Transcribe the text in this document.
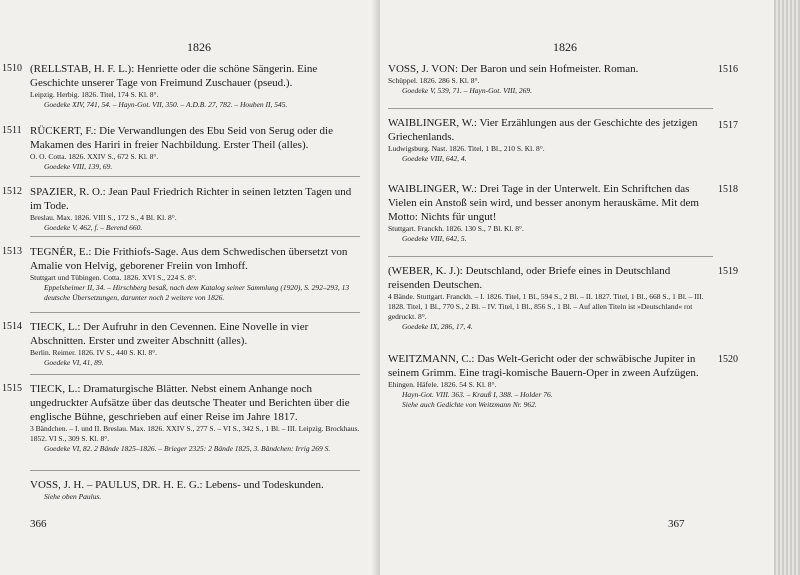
1826
1510 (RELLSTAB, H. F. L.): Henriette oder die schöne Sängerin. Eine Geschichte unserer Tage von Freimund Zuschauer (pseud.).
Leipzig. Herbig. 1826. Titel, 174 S. Kl. 8°.
Goedeke XIV, 741, 54. – Hayn-Got. VII, 350. – A.D.B. 27, 782. – Houben II, 545.
1511 RÜCKERT, F.: Die Verwandlungen des Ebu Seid von Serug oder die Makamen des Hariri in freier Nachbildung. Erster Theil (alles).
O. O. Cotta. 1826. XXIV S., 672 S. Kl. 8°.
Goedeke VIII, 139, 69.
1512 SPAZIER, R. O.: Jean Paul Friedrich Richter in seinen letzten Tagen und im Tode.
Breslau. Max. 1826. VIII S., 172 S., 4 Bl. Kl. 8°.
Goedeke V, 462, f. – Berend 660.
1513 TEGNÉR, E.: Die Frithiofs-Sage. Aus dem Schwedischen übersetzt von Amalie von Helvig, geborener Freiin von Imhoff.
Stuttgart und Tübingen. Cotta. 1826. XVI S., 224 S. 8°.
Eppelsheimer II, 34. – Hirschberg besaß, nach dem Katalog seiner Sammlung (1920), S. 292–293, 13 deutsche Übersetzungen, darunter noch 2 weitere von 1826.
1514 TIECK, L.: Der Aufruhr in den Cevennen. Eine Novelle in vier Abschnitten. Erster und zweiter Abschnitt (alles).
Berlin. Reimer. 1826. IV S., 440 S. Kl. 8°.
Goedeke VI, 41, 89.
1515 TIECK, L.: Dramaturgische Blätter. Nebst einem Anhange noch ungedruckter Aufsätze über das deutsche Theater und Berichten über die englische Bühne, geschrieben auf einer Reise im Jahre 1817.
3 Bändchen. – I. und II. Breslau. Max. 1826. XXIV S., 277 S. – VI S., 342 S., 1 Bl. – III. Leipzig. Brockhaus. 1852. VI S., 309 S. Kl. 8°.
Goedeke VI, 82. 2 Bände 1825–1826. – Brieger 2325: 2 Bände 1825, 3. Bändchen: Irrig 269 S.
VOSS, J. H. – PAULUS, DR. H. E. G.: Lebens- und Todeskunden.
Siehe oben Paulus.
366
1826
VOSS, J. VON: Der Baron und sein Hofmeister. Roman.
Schüppel. 1826. 286 S. Kl. 8°.
Goedeke V, 539, 71. – Hayn-Got. VIII, 269.
1516
WAIBLINGER, W.: Vier Erzählungen aus der Geschichte des jetzigen Griechenlands.
Ludwigsburg. Nast. 1826. Titel, 1 Bl., 210 S. Kl. 8°.
Goedeke VIII, 642, 4.
1517
WAIBLINGER, W.: Drei Tage in der Unterwelt. Ein Schriftchen das Vielen ein Anstoß sein wird, und besser anonym herauskäme. Mit dem Motto: Nichts für ungut!
Stuttgart. Franckh. 1826. 130 S., 7 Bl. Kl. 8°.
Goedeke VIII, 642, 5.
1518
(WEBER, K. J.): Deutschland, oder Briefe eines in Deutschland reisenden Deutschen.
4 Bände. Stuttgart. Franckh. – I. 1826. Titel, 1 Bl., 594 S., 2 Bl. – II. 1827. Titel, 1 Bl., 668 S., 1 Bl. – III. 1828. Titel, 1 Bl., 770 S., 2 Bl. – IV. Titel, 1 Bl., 856 S., 1 Bl. – Auf allen Titeln ist »Deutschland« rot gedruckt. 8°.
Goedeke IX, 286, 17, 4.
1519
WEITZMANN, C.: Das Welt-Gericht oder der schwäbische Jupiter in seinem Grimm. Eine tragi-komische Bauern-Oper in zween Aufzügen.
Ehingen. Häfele. 1826. 54 S. Kl. 8°.
Hayn-Got. VIII. 363. – Krauß I, 388. – Holder 76.
Siehe auch Gedichte von Weitzmann Nr. 962.
1520
367
